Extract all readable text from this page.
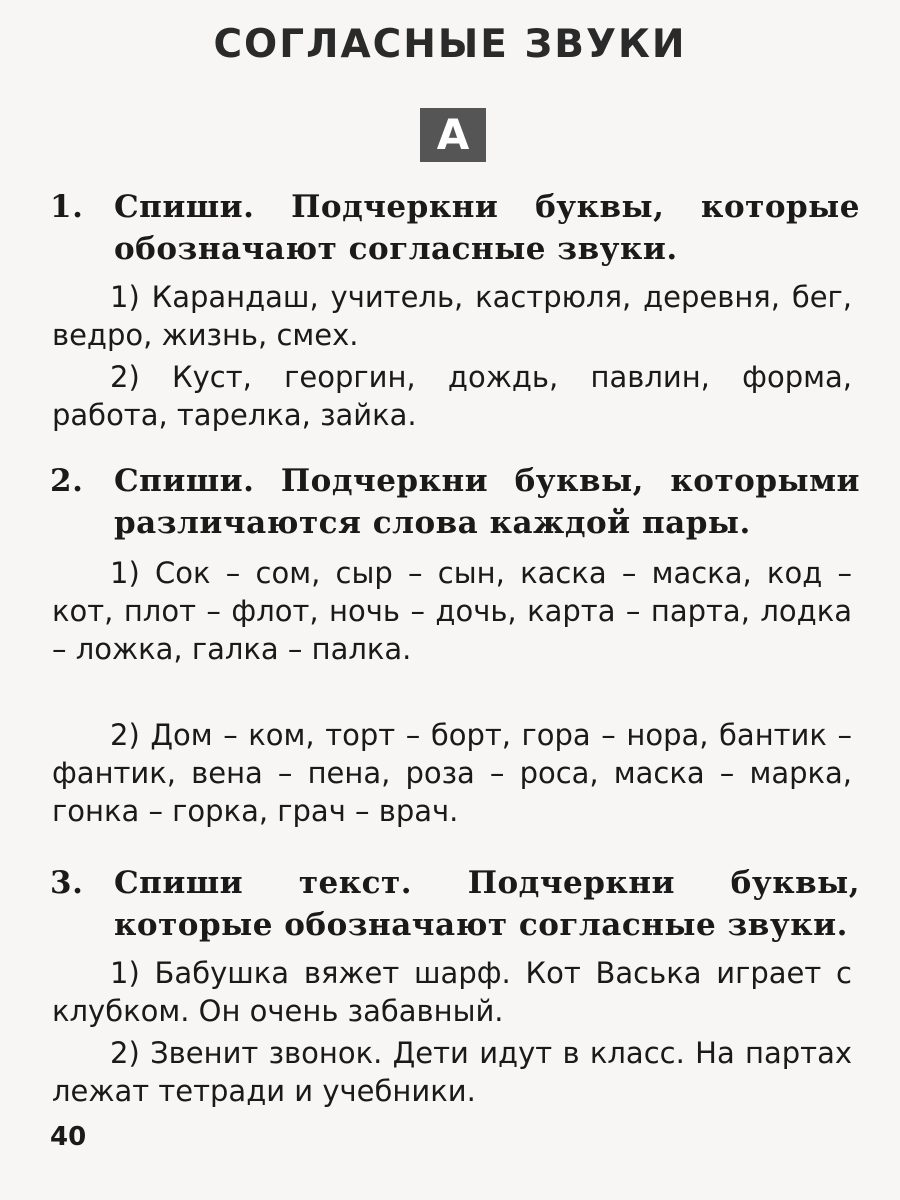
СОГЛАСНЫЕ ЗВУКИ
А
1. Спиши. Подчеркни буквы, которые обозначают согласные звуки.
1) Карандаш, учитель, кастрюля, деревня, бег, ведро, жизнь, смех.
2) Куст, георгин, дождь, павлин, форма, работа, тарелка, зайка.
2. Спиши. Подчеркни буквы, которыми различаются слова каждой пары.
1) Сок – сом, сыр – сын, каска – маска, код – кот, плот – флот, ночь – дочь, карта – парта, лодка – ложка, галка – палка.
2) Дом – ком, торт – борт, гора – нора, бантик – фантик, вена – пена, роза – роса, маска – марка, гонка – горка, грач – врач.
3. Спиши текст. Подчеркни буквы, которые обозначают согласные звуки.
1) Бабушка вяжет шарф. Кот Васька играет с клубком. Он очень забавный.
2) Звенит звонок. Дети идут в класс. На партах лежат тетради и учебники.
40
